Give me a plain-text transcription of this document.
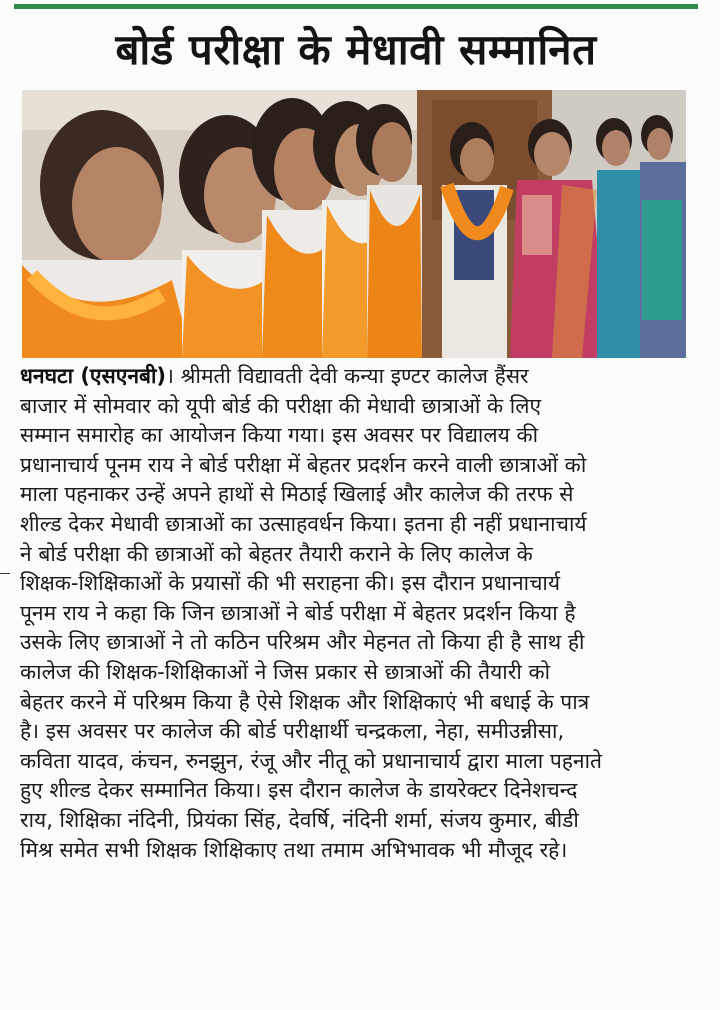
बोर्ड परीक्षा के मेधावी सम्मानित
धनघटा (एसएनबी)। श्रीमती विद्यावती देवी कन्या इण्टर कालेज हैंसर
बाजार में सोमवार को यूपी बोर्ड की परीक्षा की मेधावी छात्राओं के लिए
सम्मान समारोह का आयोजन किया गया। इस अवसर पर विद्यालय की
प्रधानाचार्य पूनम राय ने बोर्ड परीक्षा में बेहतर प्रदर्शन करने वाली छात्राओं को
माला पहनाकर उन्हें अपने हाथों से मिठाई खिलाई और कालेज की तरफ से
शील्ड देकर मेधावी छात्राओं का उत्साहवर्धन किया। इतना ही नहीं प्रधानाचार्य
ने बोर्ड परीक्षा की छात्राओं को बेहतर तैयारी कराने के लिए कालेज के
शिक्षक-शिक्षिकाओं के प्रयासों की भी सराहना की। इस दौरान प्रधानाचार्य
पूनम राय ने कहा कि जिन छात्राओं ने बोर्ड परीक्षा में बेहतर प्रदर्शन किया है
उसके लिए छात्राओं ने तो कठिन परिश्रम और मेहनत तो किया ही है साथ ही
कालेज की शिक्षक-शिक्षिकाओं ने जिस प्रकार से छात्राओं की तैयारी को
बेहतर करने में परिश्रम किया है ऐसे शिक्षक और शिक्षिकाएं भी बधाई के पात्र
है। इस अवसर पर कालेज की बोर्ड परीक्षार्थी चन्द्रकला, नेहा, समीउन्नीसा,
कविता यादव, कंचन, रुनझुन, रंजू और नीतू को प्रधानाचार्य द्वारा माला पहनाते
हुए शील्ड देकर सम्मानित किया। इस दौरान कालेज के डायरेक्टर दिनेशचन्द
राय, शिक्षिका नंदिनी, प्रियंका सिंह, देवर्षि, नंदिनी शर्मा, संजय कुमार, बीडी
मिश्र समेत सभी शिक्षक शिक्षिकाए तथा तमाम अभिभावक भी मौजूद रहे।
